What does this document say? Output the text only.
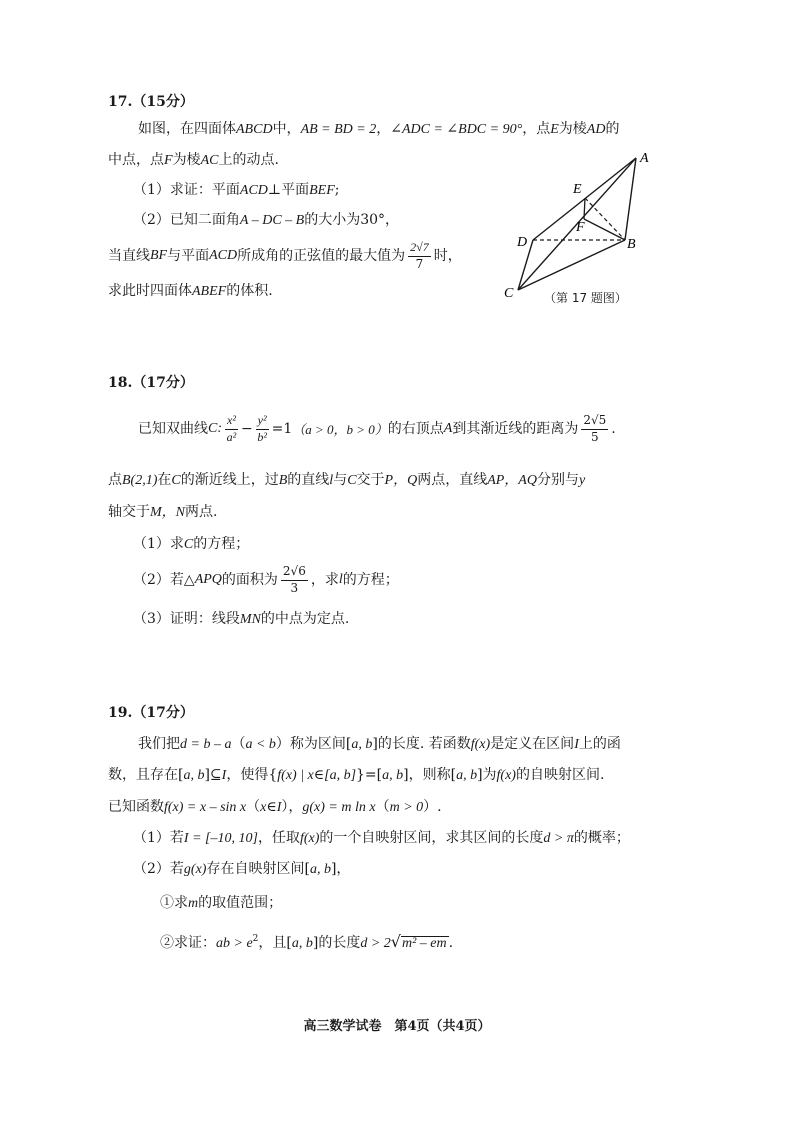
17.（15分）
如图，在四面体ABCD中，AB = BD = 2，∠ADC = ∠BDC = 90°，点E为棱AD的
中点，点F为棱AC上的动点.
（1）求证：平面ACD⊥平面BEF;
（2）已知二面角A – DC – B的大小为30°，
当直线 BF 与平面 ACD 所成角的正弦值的最大值为 $\frac{2√7}{7}$ 时，
求此时四面体ABEF的体积.
A
B
C
D
E
F
（第 17 题图）
18.（17分）
已知双曲线 C: $\frac{\text{x²}}{\text{a²}} - \frac{\text{y²}}{\text{b²}} =1$ （a > 0，b > 0） 的右顶点 A 到其渐近线的距离为 $\frac{2√5}{5}$ .
点B(2,1)在C的渐近线上，过B的直线l与C交于P，Q两点，直线AP，AQ分别与y
轴交于M，N两点.
（1）求C的方程；
（2）若△ APQ 的面积为 $\frac{2√6}{3}$ ，求 l 的方程；
（3）证明：线段MN的中点为定点.
19.（17分）
我们把d = b – a（a < b）称为区间[a, b]的长度. 若函数f(x)是定义在区间I上的函
数，且存在[a, b]⊆I，使得{f(x) | x∈[a, b]}=[a, b]，则称[a, b]为f(x)的自映射区间.
已知函数f(x) = x – sin x（x∈I），g(x) = m ln x（m > 0）.
（1）若I = [–10, 10]，任取f(x)的一个自映射区间，求其区间的长度d > π的概率；
（2）若g(x)存在自映射区间[a, b]，
①求m的取值范围；
②求证：ab > $e^2$，且[a, b]的长度d > 2√m² – em .
高三数学试卷　第4页（共4页）
